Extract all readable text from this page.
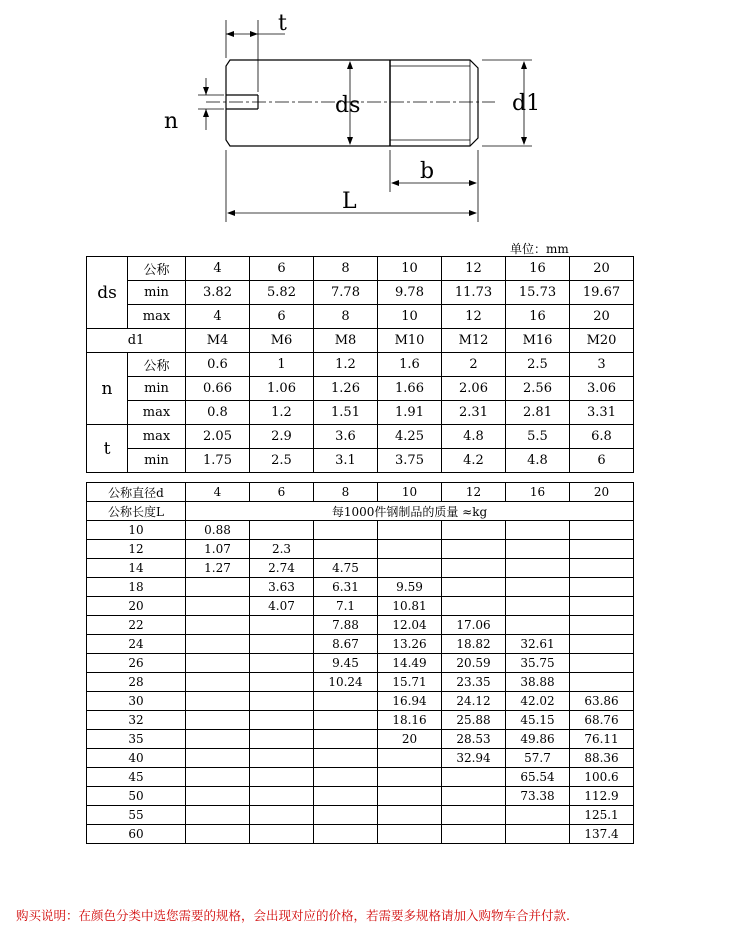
t
n
ds	d1
b
L
单位：mm
ds	公称	4	6	8	10	12	16	20
	min	3.82	5.82	7.78	9.78	11.73	15.73	19.67
	max	4	6	8	10	12	16	20
d1		M4	M6	M8	M10	M12	M16	M20
n	公称	0.6	1	1.2	1.6	2	2.5	3
	min	0.66	1.06	1.26	1.66	2.06	2.56	3.06
	max	0.8	1.2	1.51	1.91	2.31	2.81	3.31
t	max	2.05	2.9	3.6	4.25	4.8	5.5	6.8
	min	1.75	2.5	3.1	3.75	4.2	4.8	6
公称直径d	4	6	8	10	12	16	20
公称长度L	每1000件钢制品的质量 ≈kg						
10	0.88						
12	1.07	2.3					
14	1.27	2.74	4.75				
18		3.63	6.31	9.59			
20		4.07	7.1	10.81			
22			7.88	12.04	17.06		
24			8.67	13.26	18.82	32.61	
26			9.45	14.49	20.59	35.75	
28			10.24	15.71	23.35	38.88	
30				16.94	24.12	42.02	63.86
32				18.16	25.88	45.15	68.76
35				20	28.53	49.86	76.11
40					32.94	57.7	88.36
45						65.54	100.6
50						73.38	112.9
55							125.1
60							137.4
购买说明：在颜色分类中选您需要的规格，会出现对应的价格，若需要多规格请加入购物车合并付款.
